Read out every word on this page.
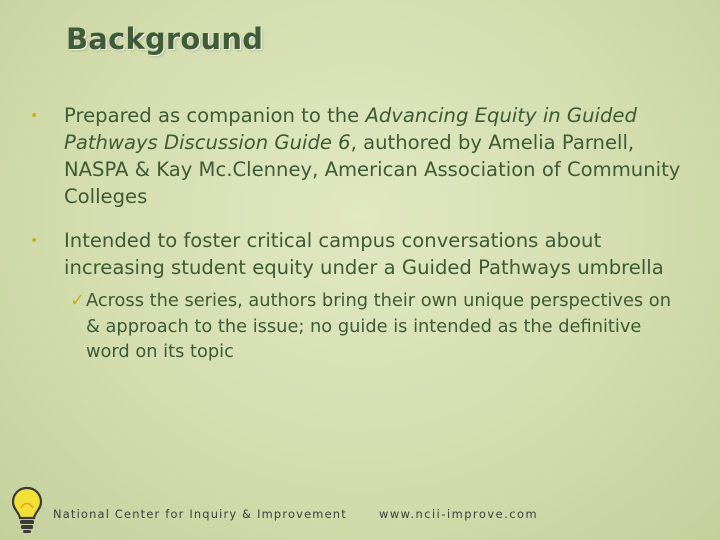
Background
•
Prepared as companion to the Advancing Equity in Guided Pathways Discussion Guide 6, authored by Amelia Parnell, NASPA & Kay Mc.Clenney, American Association of Community Colleges
•
Intended to foster critical campus conversations about increasing student equity under a Guided Pathways umbrella
✓ Across the series, authors bring their own unique perspectives on & approach to the issue; no guide is intended as the definitive word on its topic
National Center for Inquiry & Improvement	www.ncii-improve.com
